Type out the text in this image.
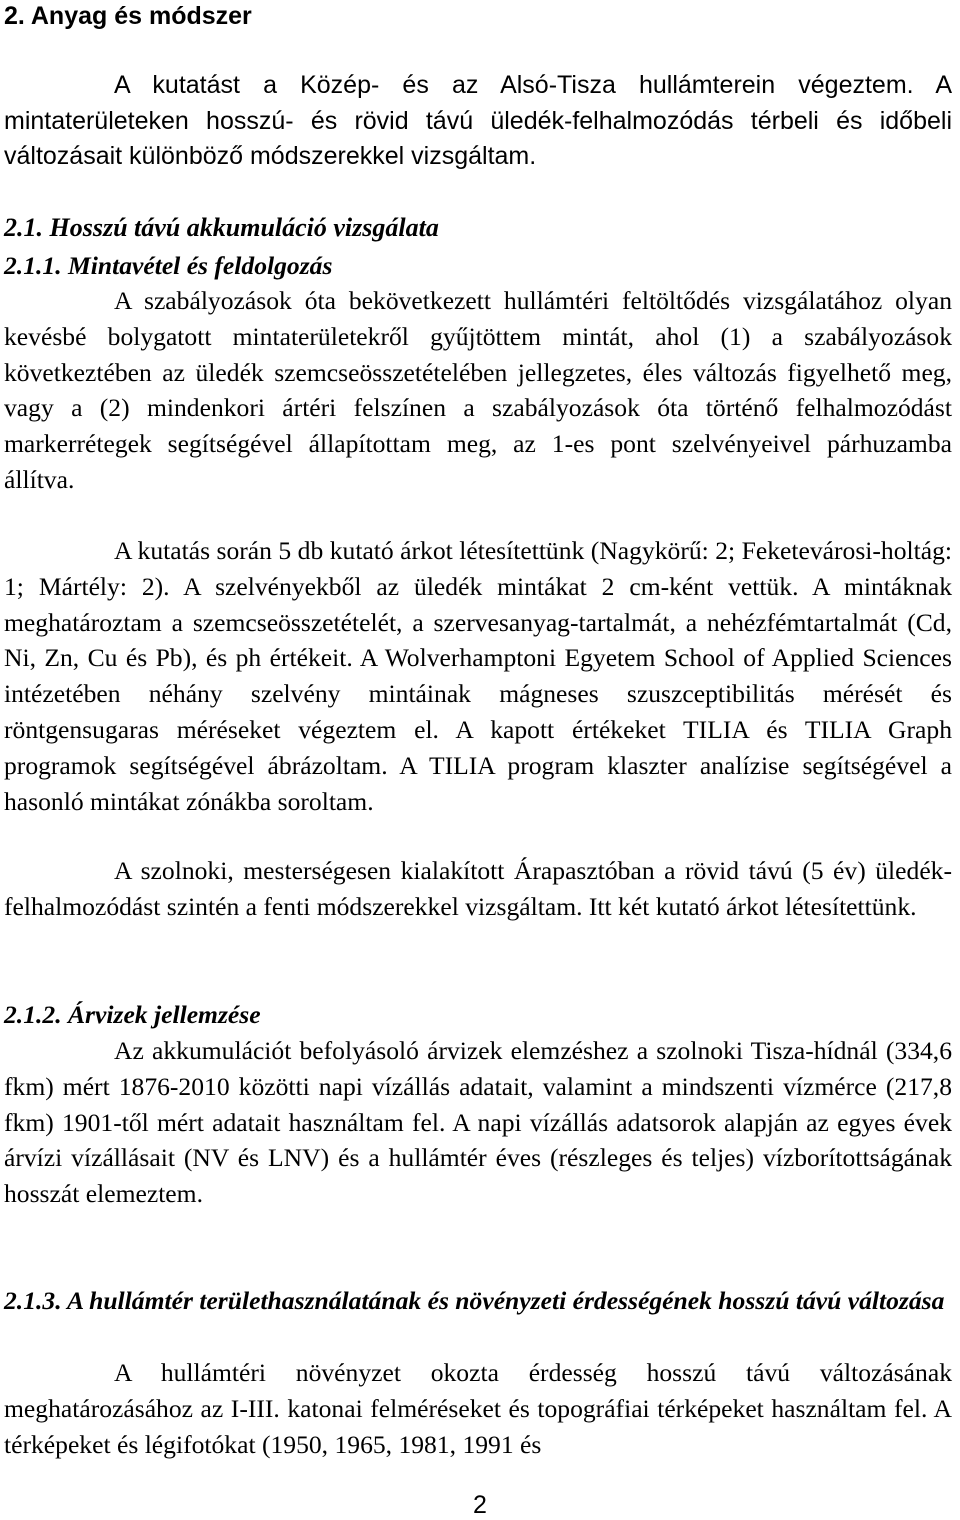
2. Anyag és módszer

A kutatást a Közép- és az Alsó-Tisza hullámterein végeztem. A mintaterületeken hosszú- és rövid távú üledék-felhalmozódás térbeli és időbeli változásait különböző módszerekkel vizsgáltam.

2.1. Hosszú távú akkumuláció vizsgálata
2.1.1. Mintavétel és feldolgozás

A szabályozások óta bekövetkezett hullámtéri feltöltődés vizsgálatához olyan kevésbé bolygatott mintaterületekről gyűjtöttem mintát, ahol (1) a szabályozások következtében az üledék szemcseösszetételében jellegzetes, éles változás figyelhető meg, vagy a (2) mindenkori ártéri felszínen a szabályozások óta történő felhalmozódást markerrétegek segítségével állapítottam meg, az 1-es pont szelvényeivel párhuzamba állítva.

A kutatás során 5 db kutató árkot létesítettünk (Nagykörű: 2; Feketevárosi-holtág: 1; Mártély: 2). A szelvényekből az üledék mintákat 2 cm-ként vettük. A mintáknak meghatároztam a szemcseösszetételét, a szervesanyag-tartalmát, a nehézfémtartalmát (Cd, Ni, Zn, Cu és Pb), és ph értékeit. A Wolverhamptoni Egyetem School of Applied Sciences intézetében néhány szelvény mintáinak mágneses szuszceptibilitás mérését és röntgensugaras méréseket végeztem el. A kapott értékeket TILIA és TILIA Graph programok segítségével ábrázoltam. A TILIA program klaszter analízise segítségével a hasonló mintákat zónákba soroltam.

A szolnoki, mesterségesen kialakított Árapasztóban a rövid távú (5 év) üledék-felhalmozódást szintén a fenti módszerekkel vizsgáltam. Itt két kutató árkot létesítettünk.

2.1.2. Árvizek jellemzése

Az akkumulációt befolyásoló árvizek elemzéshez a szolnoki Tisza-hídnál (334,6 fkm) mért 1876-2010 közötti napi vízállás adatait, valamint a mindszenti vízmérce (217,8 fkm) 1901-től mért adatait használtam fel. A napi vízállás adatsorok alapján az egyes évek árvízi vízállásait (NV és LNV) és a hullámtér éves (részleges és teljes) vízborítottságának hosszát elemeztem.

2.1.3. A hullámtér területhasználatának és növényzeti érdességének hosszú távú változása

A hullámtéri növényzet okozta érdesség hosszú távú változásának meghatározásához az I-III. katonai felméréseket és topográfiai térképeket használtam fel. A térképeket és légifotókat (1950, 1965, 1981, 1991 és

2
